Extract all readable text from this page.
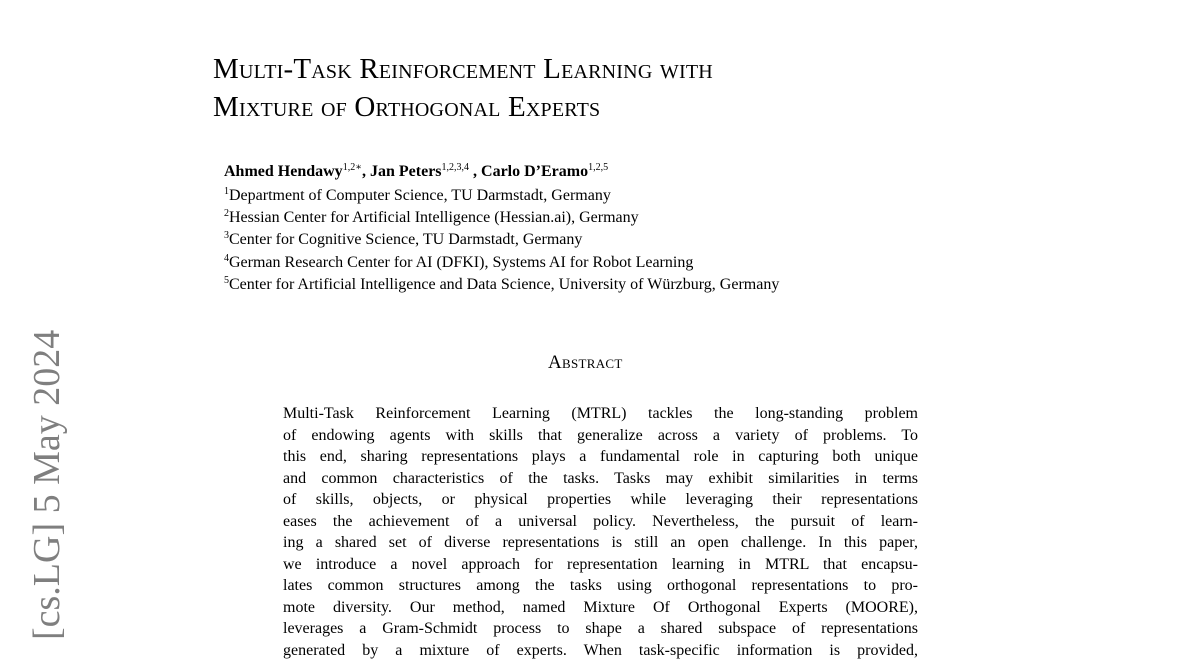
[cs.LG] 5 May 2024
Multi-Task Reinforcement Learning with
Mixture of Orthogonal Experts
Ahmed Hendawy$^{1,2∗}$, Jan Peters$^{1,2,3,4}$ , Carlo D’Eramo$^{1,2,5}$
$^1$Department of Computer Science, TU Darmstadt, Germany
$^2$Hessian Center for Artificial Intelligence (Hessian.ai), Germany
$^3$Center for Cognitive Science, TU Darmstadt, Germany
$^4$German Research Center for AI (DFKI), Systems AI for Robot Learning
$^5$Center for Artificial Intelligence and Data Science, University of Würzburg, Germany
Abstract
Multi-Task Reinforcement Learning (MTRL) tackles the long-standing problem
of endowing agents with skills that generalize across a variety of problems. To
this end, sharing representations plays a fundamental role in capturing both unique
and common characteristics of the tasks. Tasks may exhibit similarities in terms
of skills, objects, or physical properties while leveraging their representations
eases the achievement of a universal policy. Nevertheless, the pursuit of learn-
ing a shared set of diverse representations is still an open challenge. In this paper,
we introduce a novel approach for representation learning in MTRL that encapsu-
lates common structures among the tasks using orthogonal representations to pro-
mote diversity. Our method, named Mixture Of Orthogonal Experts (MOORE),
leverages a Gram-Schmidt process to shape a shared subspace of representations
generated by a mixture of experts. When task-specific information is provided,
